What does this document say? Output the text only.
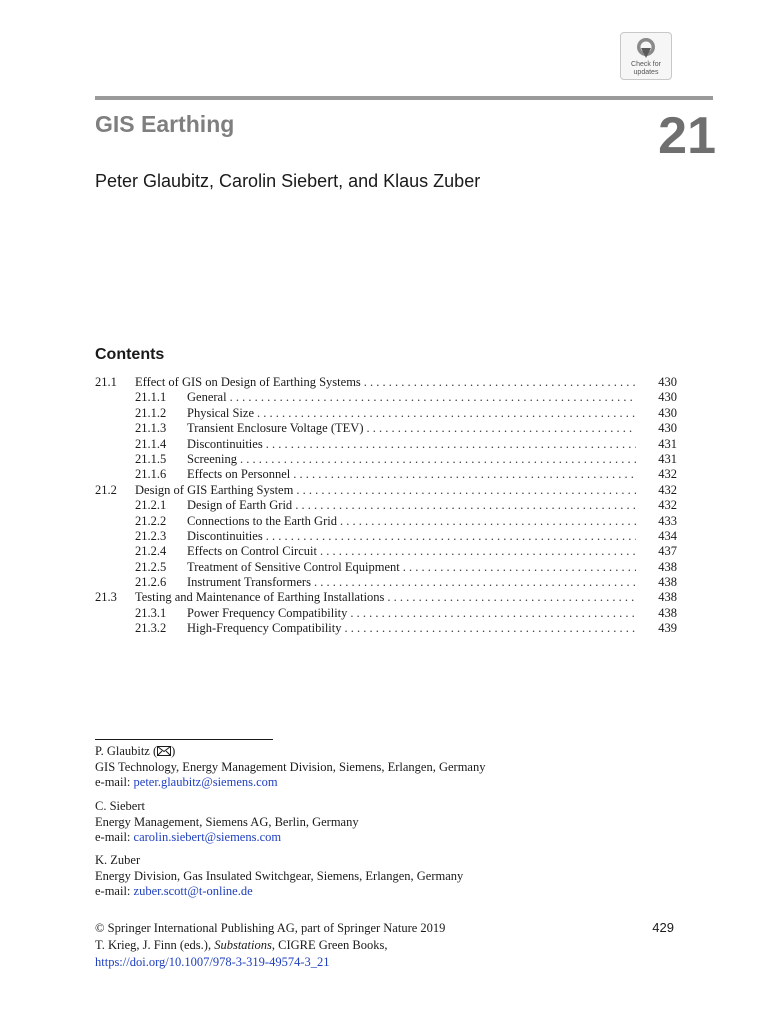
Check for
updates
GIS Earthing	21
Peter Glaubitz, Carolin Siebert, and Klaus Zuber
Contents
21.1	Effect of GIS on Design of Earthing Systems . . .	430
21.1.1	General . . .	430
21.1.2	Physical Size . . .	430
21.1.3	Transient Enclosure Voltage (TEV) . . .	430
21.1.4	Discontinuities . . .	431
21.1.5	Screening . . .	431
21.1.6	Effects on Personnel . . .	432
21.2	Design of GIS Earthing System . . .	432
21.2.1	Design of Earth Grid . . .	432
21.2.2	Connections to the Earth Grid . . .	433
21.2.3	Discontinuities . . .	434
21.2.4	Effects on Control Circuit . . .	437
21.2.5	Treatment of Sensitive Control Equipment . . .	438
21.2.6	Instrument Transformers . . .	438
21.3	Testing and Maintenance of Earthing Installations . . .	438
21.3.1	Power Frequency Compatibility . . .	438
21.3.2	High-Frequency Compatibility . . .	439
P. Glaubitz ( )
GIS Technology, Energy Management Division, Siemens, Erlangen, Germany
e-mail: peter.glaubitz@siemens.com
C. Siebert
Energy Management, Siemens AG, Berlin, Germany
e-mail: carolin.siebert@siemens.com
K. Zuber
Energy Division, Gas Insulated Switchgear, Siemens, Erlangen, Germany
e-mail: zuber.scott@t-online.de
© Springer International Publishing AG, part of Springer Nature 2019
T. Krieg, J. Finn (eds.), Substations, CIGRE Green Books,
https://doi.org/10.1007/978-3-319-49574-3_21
429
